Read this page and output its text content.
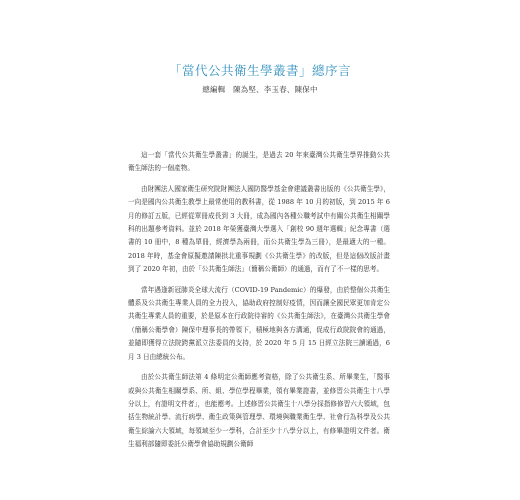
「當代公共衛生學叢書」總序言
總編輯　陳為堅、李玉春、陳保中

這一套「當代公共衛生學叢書」的誕生，是過去 20 年來臺灣公共衛生學界推動公共衛生師法的一個產物。

由財團法人國家衛生研究院財團法人國防醫學基金會建議叢書出版的《公共衛生學》，一向是國內公共衛生教學上最常使用的教科書，從 1988 年 10 月的初版，到 2015 年 6 月的修訂五版，已經從單冊成長到 3 大冊，成為國內各種公職考試中有關公共衛生相關學科的出題參考資料。並於 2018 年榮獲臺灣大學選入「創校 90 週年選輯」紀念專書（選書的 10 冊中，8 種為單冊，經濟學為兩冊，而公共衛生學為三冊），是最適大的一種。2018 年時，基金會原擬邀請陳拱北重事規劃《公共衛生學》的改版，但是這個改版計畫到了 2020 年初，由於「公共衛生師法」（簡稱公衛師）的通過，而有了不一樣的思考。

當年遇逢新冠肺炎全球大流行（COVID-19 Pandemic）的爆發，由於整個公共衛生體系及公共衛生專業人員的全力投入，協助政府控制好疫情，因而讓全國民眾更加肯定公共衛生專業人員的重要，於是原本在行政院待審的《公共衛生師法》，在臺灣公共衛生學會（簡稱公衛學會）陳保中理事長的帶領下，積極地與各方溝通，促成行政院院會的通過，並隨即獲得立法院跨黨派立法委員的支持，於 2020 年 5 月 15 日經立法院三讀通過，6 月 3 日由總統公布。

由於公共衛生師法第 4 條明定公衛師應考資格，除了公共衛生系、所畢業生，「醫事或與公共衛生相關學系、所、組、學位學程畢業，領有畢業證書，並修習公共衛生十八學分以上，有證明文件者」，也能應考。上述修習公共衛生十八學分採指修修習六大領域，包括生物統計學、流行病學、衛生政策與管理學、環境與職業衛生學、社會行為科學及公共衛生綜論六大領域，每領域至少一學科，合計至少十八學分以上，有修畢證明文件者。衛生福利部隨即委託公衛學會協助規劃公衛師
